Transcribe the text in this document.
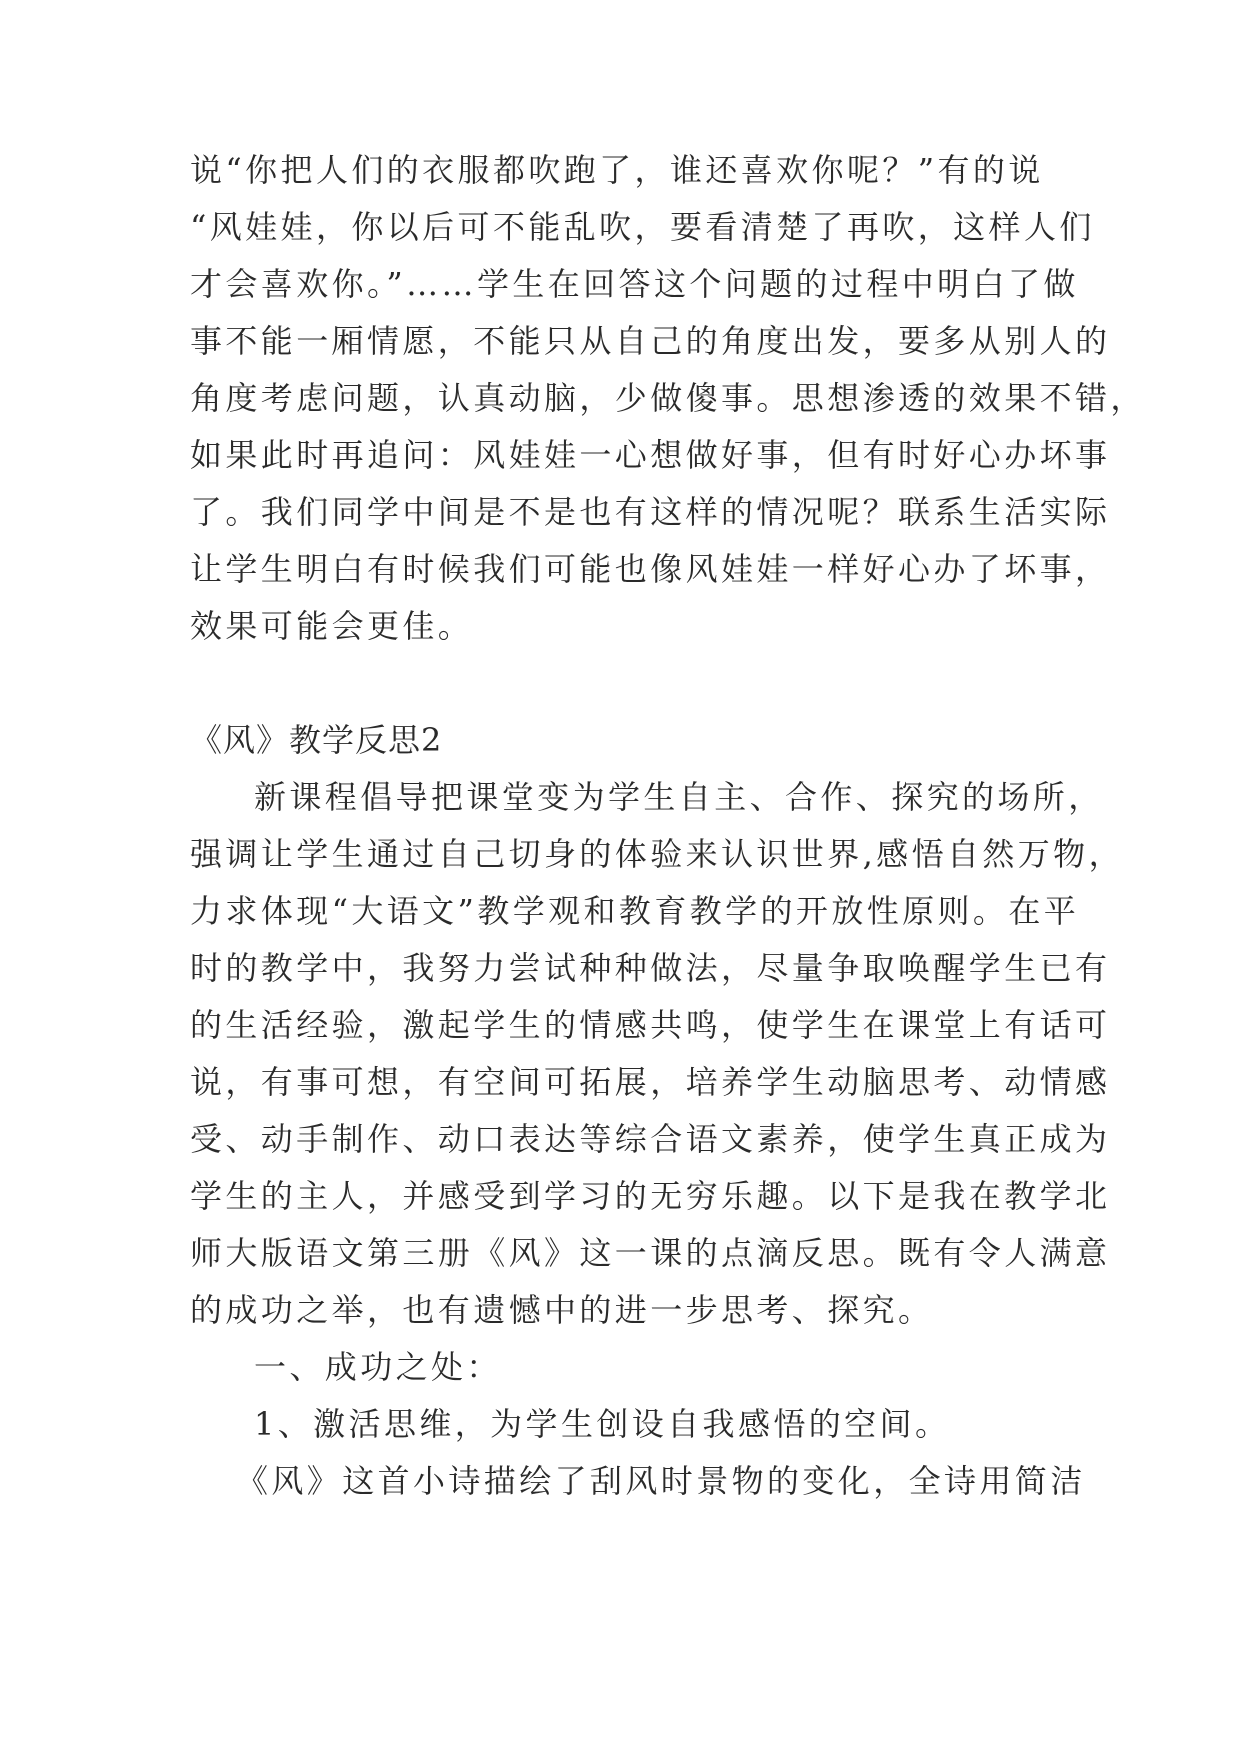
说“你把人们的衣服都吹跑了，谁还喜欢你呢？”有的说
“风娃娃，你以后可不能乱吹，要看清楚了再吹，这样人们
才会喜欢你。”……学生在回答这个问题的过程中明白了做
事不能一厢情愿，不能只从自己的角度出发，要多从别人的
角度考虑问题，认真动脑，少做傻事。思想渗透的效果不错，
如果此时再追问：风娃娃一心想做好事，但有时好心办坏事
了。我们同学中间是不是也有这样的情况呢？联系生活实际
让学生明白有时候我们可能也像风娃娃一样好心办了坏事，
效果可能会更佳。
《风》教学反思2
新课程倡导把课堂变为学生自主、合作、探究的场所，
强调让学生通过自己切身的体验来认识世界,感悟自然万物，
力求体现“大语文”教学观和教育教学的开放性原则。在平
时的教学中，我努力尝试种种做法，尽量争取唤醒学生已有
的生活经验，激起学生的情感共鸣，使学生在课堂上有话可
说，有事可想，有空间可拓展，培养学生动脑思考、动情感
受、动手制作、动口表达等综合语文素养，使学生真正成为
学生的主人，并感受到学习的无穷乐趣。以下是我在教学北
师大版语文第三册《风》这一课的点滴反思。既有令人满意
的成功之举，也有遗憾中的进一步思考、探究。
一、成功之处：
1、激活思维，为学生创设自我感悟的空间。
《风》这首小诗描绘了刮风时景物的变化，全诗用简洁
